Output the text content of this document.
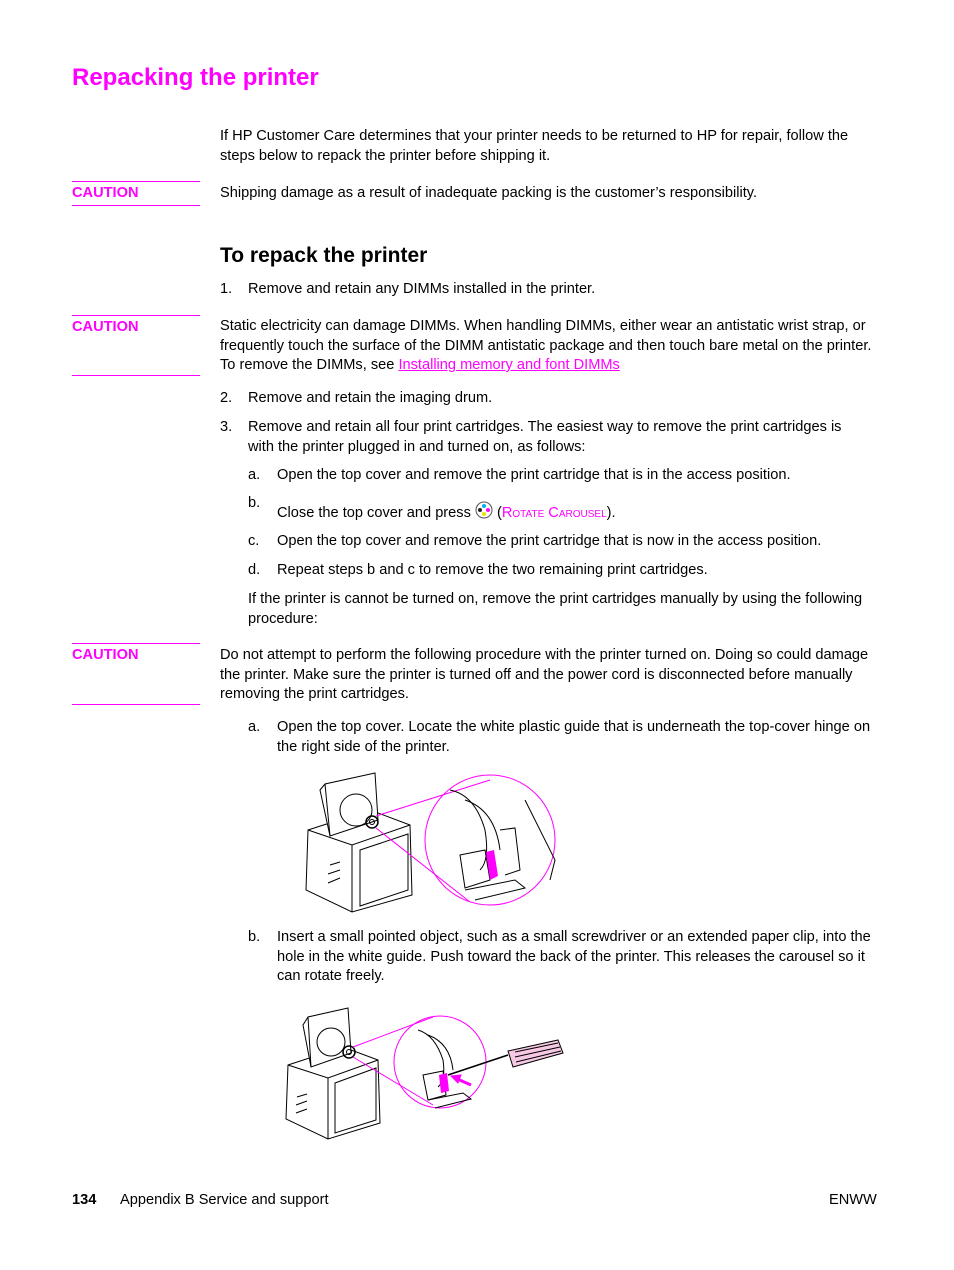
Repacking the printer

If HP Customer Care determines that your printer needs to be returned to HP for repair, follow the steps below to repack the printer before shipping it.

CAUTION	Shipping damage as a result of inadequate packing is the customer’s responsibility.

To repack the printer
1. Remove and retain any DIMMs installed in the printer.

CAUTION	Static electricity can damage DIMMs. When handling DIMMs, either wear an antistatic wrist strap, or frequently touch the surface of the DIMM antistatic package and then touch bare metal on the printer. To remove the DIMMs, see Installing memory and font DIMMs

2. Remove and retain the imaging drum.

3. Remove and retain all four print cartridges. The easiest way to remove the print cartridges is with the printer plugged in and turned on, as follows:

a. Open the top cover and remove the print cartridge that is in the access position.

b.

Close the top cover and press  (Rotate Carousel).

c. Open the top cover and remove the print cartridge that is now in the access position.

d. Repeat steps b and c to remove the two remaining print cartridges.

If the printer is cannot be turned on, remove the print cartridges manually by using the following procedure:

CAUTION	Do not attempt to perform the following procedure with the printer turned on. Doing so could damage the printer. Make sure the printer is turned off and the power cord is disconnected before manually removing the print cartridges.

a. Open the top cover. Locate the white plastic guide that is underneath the top-cover hinge on the right side of the printer.

b. Insert a small pointed object, such as a small screwdriver or an extended paper clip, into the hole in the white guide. Push toward the back of the printer. This releases the carousel so it can rotate freely.

134 Appendix B Service and support	ENWW
